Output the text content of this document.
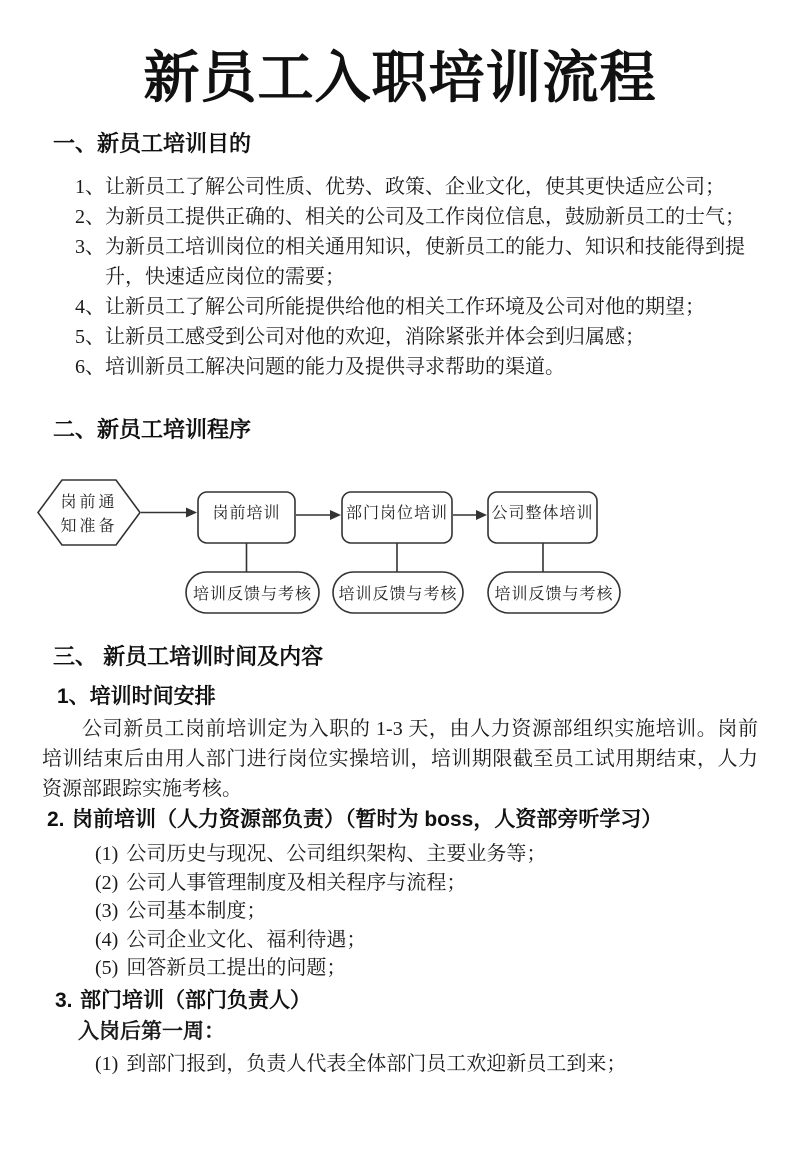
新员工入职培训流程
一、新员工培训目的
1、让新员工了解公司性质、优势、政策、企业文化，使其更快适应公司；
2、为新员工提供正确的、相关的公司及工作岗位信息，鼓励新员工的士气；
3、为新员工培训岗位的相关通用知识，使新员工的能力、知识和技能得到提升，快速适应岗位的需要；
4、让新员工了解公司所能提供给他的相关工作环境及公司对他的期望；
5、让新员工感受到公司对他的欢迎，消除紧张并体会到归属感；
6、培训新员工解决问题的能力及提供寻求帮助的渠道。
二、新员工培训程序
岗前通
知准备
岗前培训	部门岗位培训	公司整体培训
培训反馈与考核 培训反馈与考核 培训反馈与考核
三、 新员工培训时间及内容
1、培训时间安排

公司新员工岗前培训定为入职的 1-3 天，由人力资源部组织实施培训。岗前培训结束后由用人部门进行岗位实操培训，培训期限截至员工试用期结束，人力资源部跟踪实施考核。

2. 岗前培训（人力资源部负责）（暂时为 boss，人资部旁听学习）
(1) 公司历史与现况、公司组织架构、主要业务等；
(2) 公司人事管理制度及相关程序与流程；
(3) 公司基本制度；
(4) 公司企业文化、福利待遇；
(5) 回答新员工提出的问题；
3. 部门培训（部门负责人）
入岗后第一周：
(1) 到部门报到，负责人代表全体部门员工欢迎新员工到来；
